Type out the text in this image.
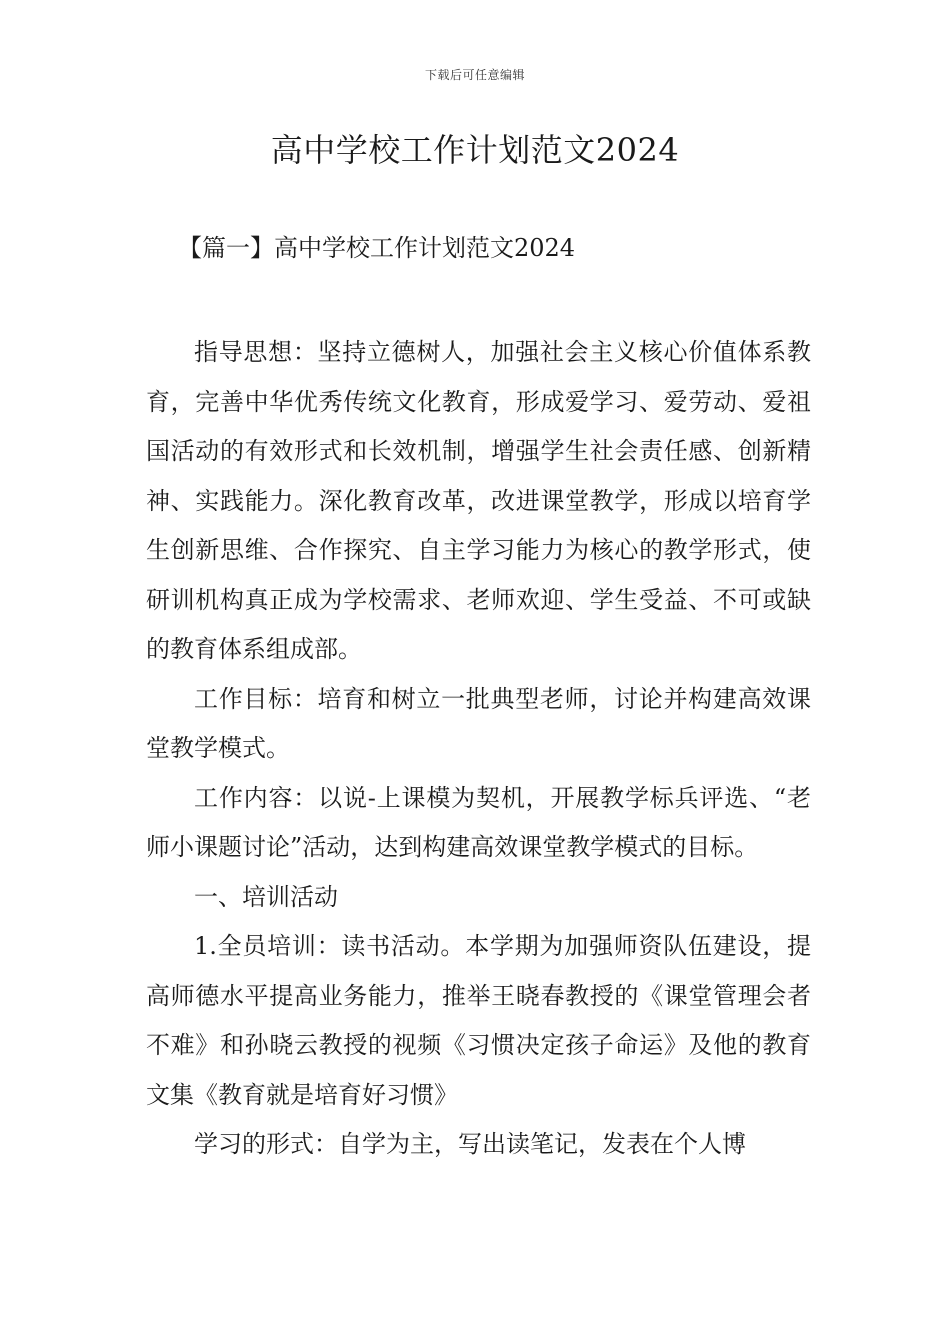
下载后可任意编辑
高中学校工作计划范文2024
【篇一】高中学校工作计划范文2024

指导思想：坚持立德树人，加强社会主义核心价值体系教育，完善中华优秀传统文化教育，形成爱学习、爱劳动、爱祖国活动的有效形式和长效机制，增强学生社会责任感、创新精神、实践能力。深化教育改革，改进课堂教学，形成以培育学生创新思维、合作探究、自主学习能力为核心的教学形式，使研训机构真正成为学校需求、老师欢迎、学生受益、不可或缺的教育体系组成部。

工作目标：培育和树立一批典型老师，讨论并构建高效课堂教学模式。

工作内容：以说-上课模为契机，开展教学标兵评选、“老师小课题讨论”活动，达到构建高效课堂教学模式的目标。

一、培训活动

1.全员培训：读书活动。本学期为加强师资队伍建设，提高师德水平提高业务能力，推举王晓春教授的《课堂管理会者不难》和孙晓云教授的视频《习惯决定孩子命运》及他的教育文集《教育就是培育好习惯》

学习的形式：自学为主，写出读笔记，发表在个人博
